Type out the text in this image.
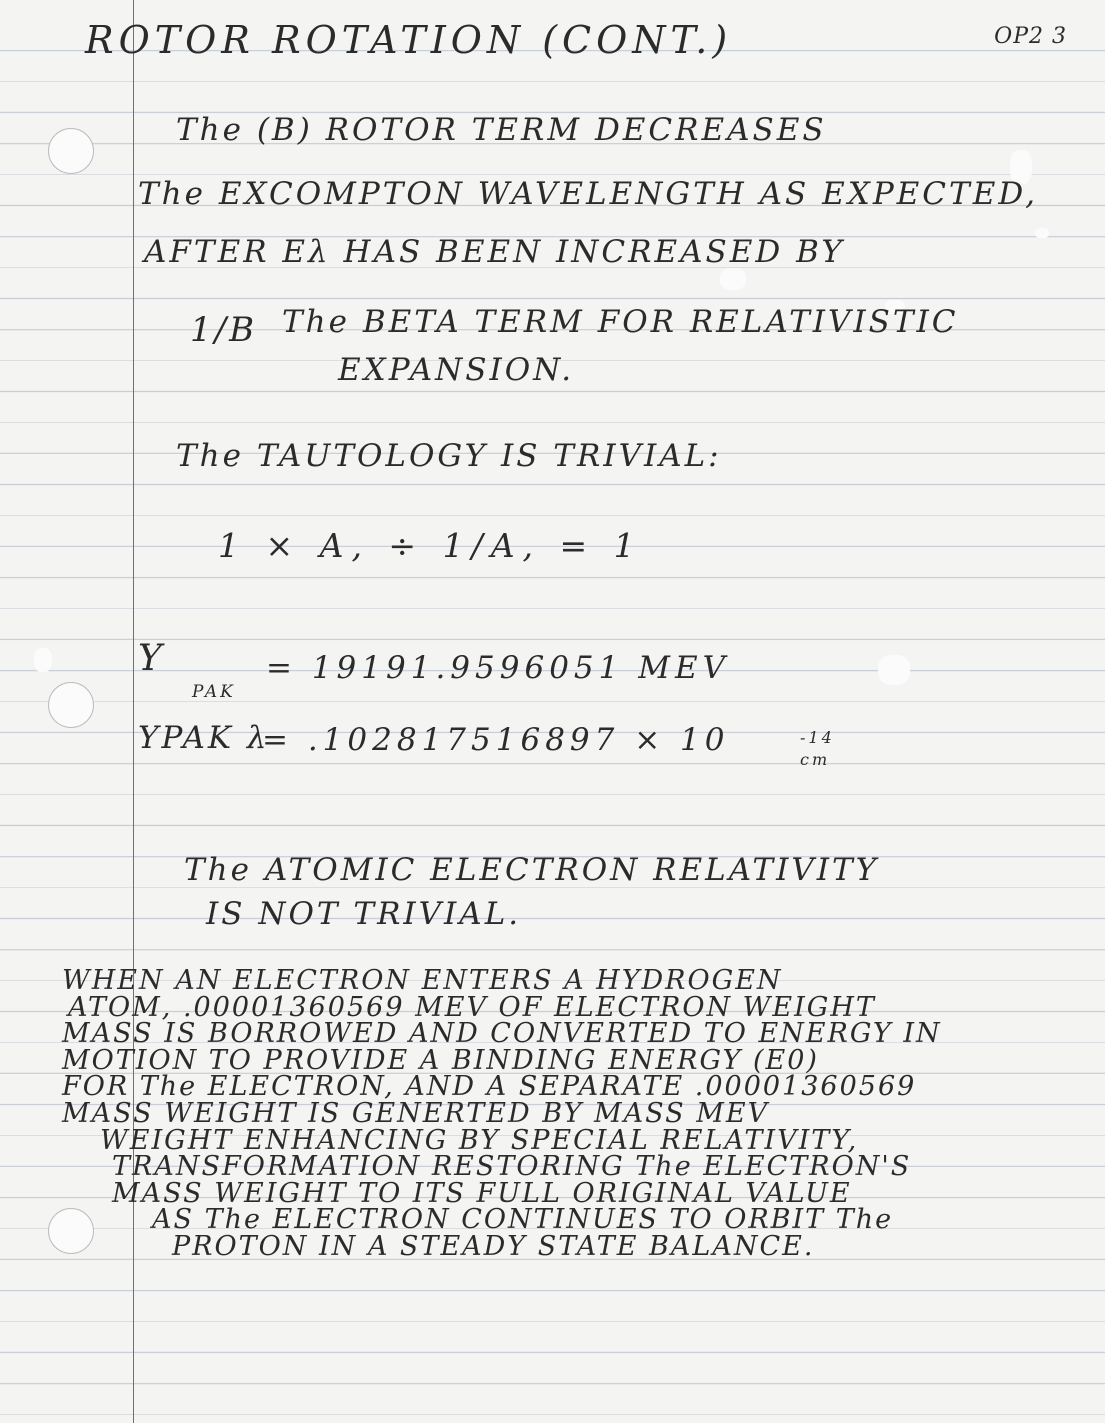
ROTOR ROTATION (CONT.)	OP2 3
The (B) ROTOR TERM DECREASES
The EXCOMPTON WAVELENGTH AS EXPECTED,
AFTER Eλ HAS BEEN INCREASED BY
1/B The BETA TERM FOR RELATIVISTIC
EXPANSION.
The TAUTOLOGY IS TRIVIAL:
1 × A, ÷ 1/A, = 1
Υ
PAK
= 19191.9596051 MEV
ΥPAK λ
= .102817516897 × 10	-14
cm
The ATOMIC ELECTRON RELATIVITY
IS NOT TRIVIAL.
WHEN AN ELECTRON ENTERS A HYDROGEN
ATOM, .00001360569 MEV OF ELECTRON WEIGHT
MASS IS BORROWED AND CONVERTED TO ENERGY IN
MOTION TO PROVIDE A BINDING ENERGY (E0)
FOR The ELECTRON, AND A SEPARATE .00001360569
MASS WEIGHT IS GENERTED BY MASS MEV
WEIGHT ENHANCING BY SPECIAL RELATIVITY,
TRANSFORMATION RESTORING The ELECTRON'S
MASS WEIGHT TO ITS FULL ORIGINAL VALUE
AS The ELECTRON CONTINUES TO ORBIT The
PROTON IN A STEADY STATE BALANCE.
